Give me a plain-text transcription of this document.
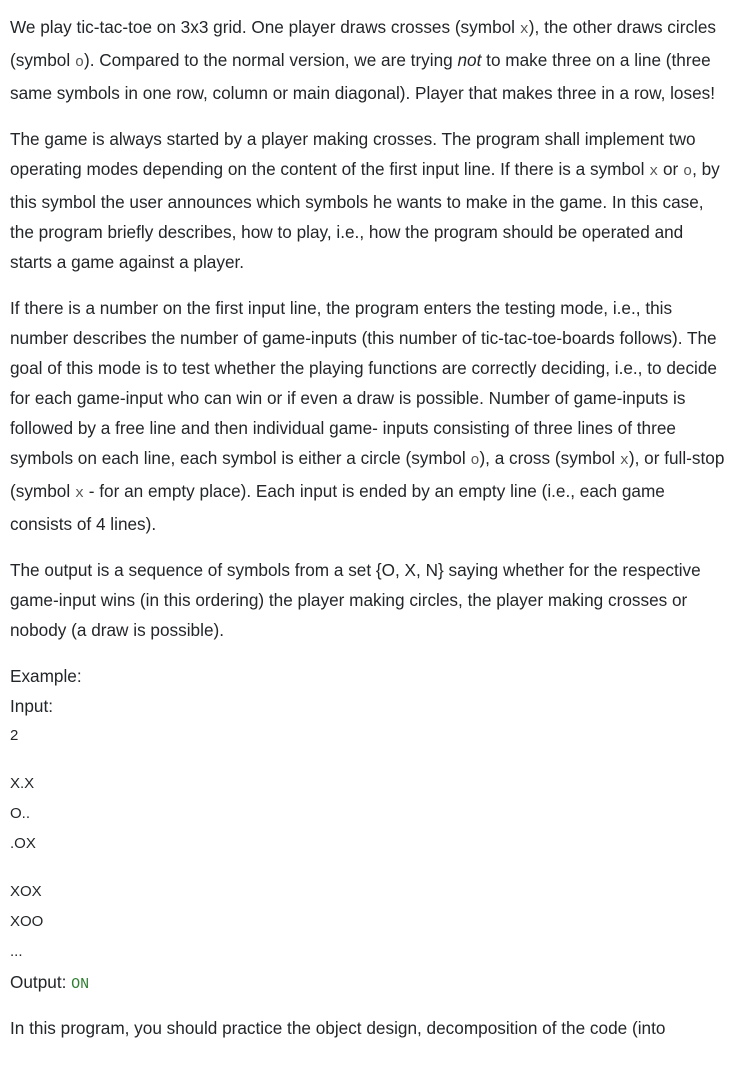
We play tic-tac-toe on 3x3 grid. One player draws crosses (symbol x), the other draws circles (symbol o). Compared to the normal version, we are trying not to make three on a line (three same symbols in one row, column or main diagonal). Player that makes three in a row, loses!

The game is always started by a player making crosses. The program shall implement two operating modes depending on the content of the first input line. If there is a symbol x or o, by this symbol the user announces which symbols he wants to make in the game. In this case, the program briefly describes, how to play, i.e., how the program should be operated and starts a game against a player.

If there is a number on the first input line, the program enters the testing mode, i.e., this number describes the number of game-inputs (this number of tic-tac-toe-boards follows). The goal of this mode is to test whether the playing functions are correctly deciding, i.e., to decide for each game-input who can win or if even a draw is possible. Number of game-inputs is followed by a free line and then individual game- inputs consisting of three lines of three symbols on each line, each symbol is either a circle (symbol o), a cross (symbol x), or full-stop (symbol x - for an empty place). Each input is ended by an empty line (i.e., each game consists of 4 lines).

The output is a sequence of symbols from a set {O, X, N} saying whether for the respective game-input wins (in this ordering) the player making circles, the player making crosses or nobody (a draw is possible).

Example:

Input:

2
X.X
O..
.OX
XOX
XOO
...

Output: ON

In this program, you should practice the object design, decomposition of the code (into
